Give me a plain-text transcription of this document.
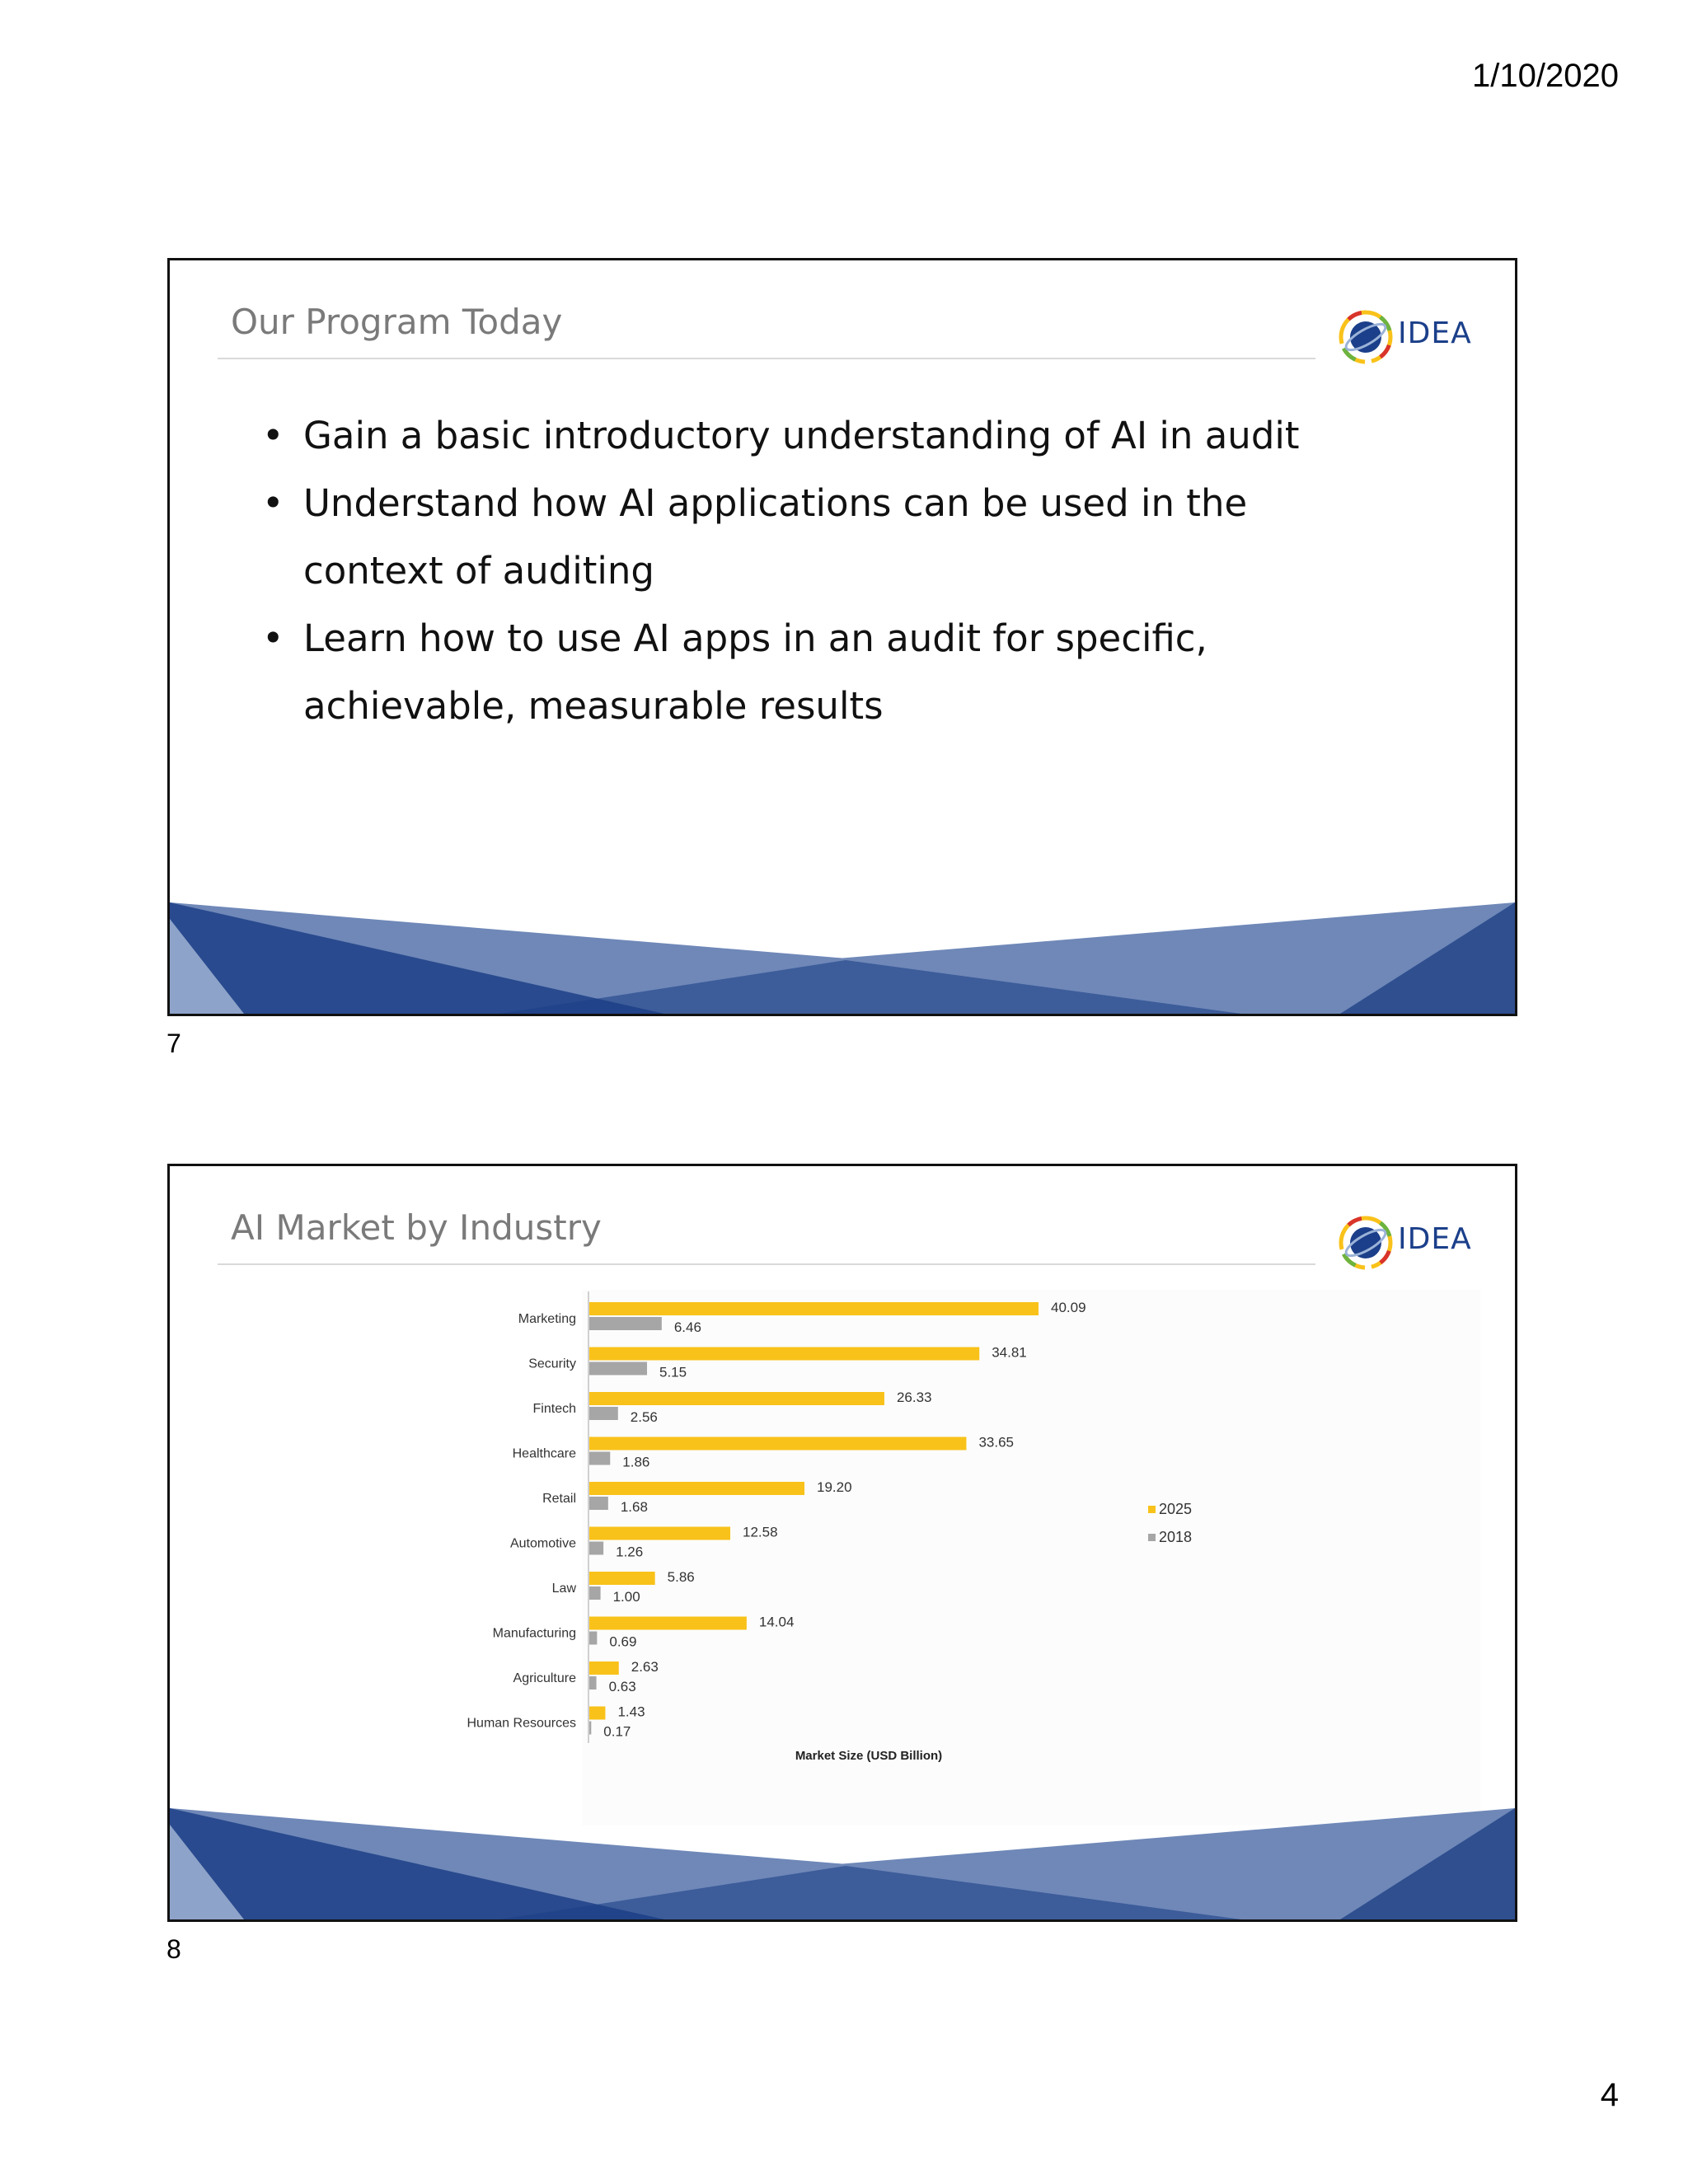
1/10/2020
Our Program Today	IDEA
• Gain a basic introductory understanding of AI in audit
• Understand how AI applications can be used in the context of auditing
• Learn how to use AI apps in an audit for specific, achievable, measurable results
7
AI Market by Industry	IDEA
Marketing
40.09
6.46
Security
34.81
5.15
Fintech
26.33
2.56
Healthcare
33.65
1.86
Retail
19.20
1.68
Automotive
12.58
1.26
Law
5.86
1.00
Manufacturing
14.04
0.69
Agriculture
2.63
0.63
Human Resources
1.43
0.17
Market Size (USD Billion)
2025
2018
8
4
